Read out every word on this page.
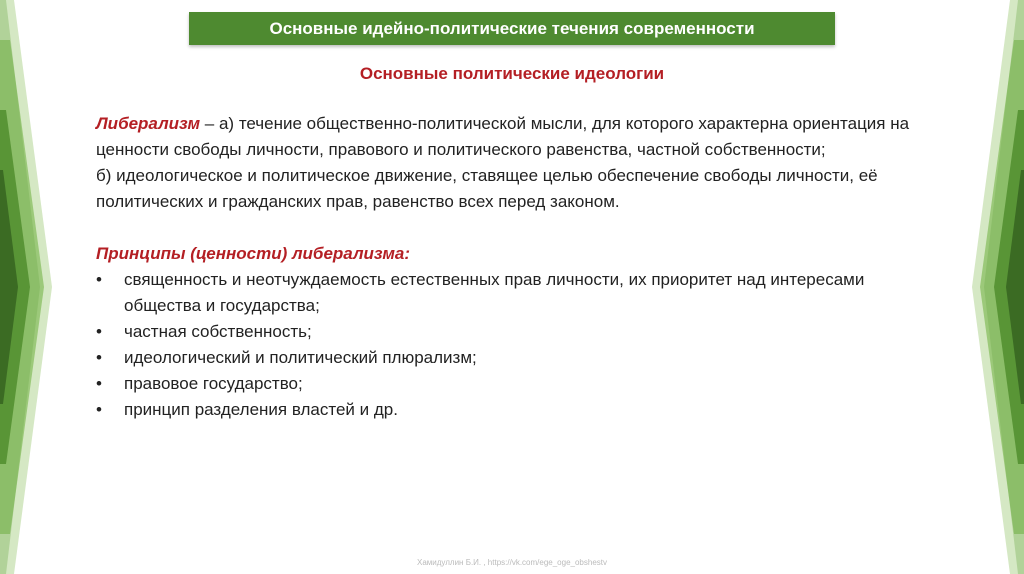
Основные идейно-политические течения современности
Основные политические идеологии

Либерализм – а) течение общественно-политической мысли, для которого характерна ориентация на ценности свободы личности, правового и политического равенства, частной собственности;

б) идеологическое и политическое движение, ставящее целью обеспечение свободы личности, её политических и гражданских прав, равенство всех перед законом.

Принципы (ценности) либерализма:

• священность и неотчуждаемость естественных прав личности, их приоритет над интересами общества и государства;
• частная собственность;
• идеологический и политический плюрализм;
• правовое государство;
• принцип разделения властей и др.
Хамидуллин Б.И. , https://vk.com/ege_oge_obshestv
